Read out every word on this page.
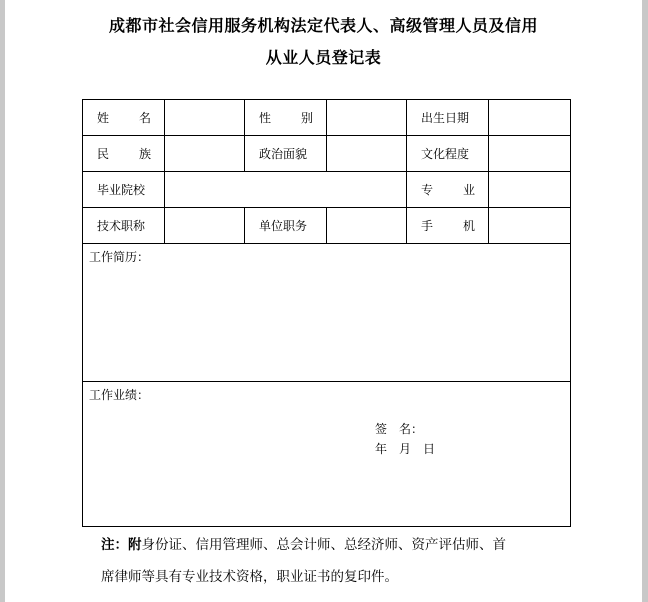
成都市社会信用服务机构法定代表人、高级管理人员及信用
从业人员登记表
姓 名		性 别		出生日期	
民 族		政治面貌		文化程度	
毕业院校				专 业	
技术职称		单位职务		手 机	
工作简历：					
工作业绩：
签　名：
年　月　日					
注：附身份证、信用管理师、总会计师、总经济师、资产评估师、首
席律师等具有专业技术资格，职业证书的复印件。
